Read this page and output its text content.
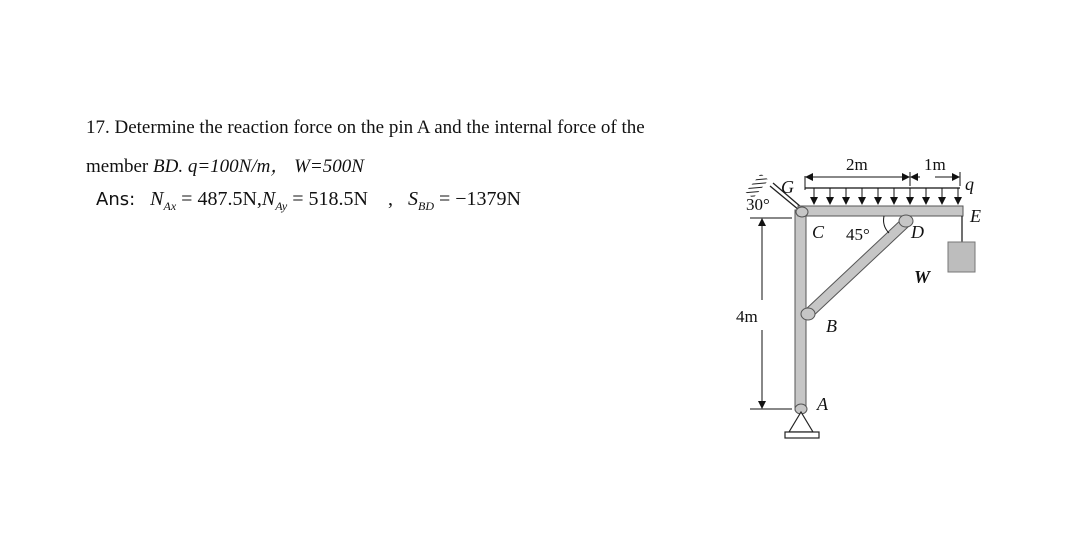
17. Determine the reaction force on the pin A and the internal force of the
member BD. q=100N/m， W=500N
Ans: $N_{Ax} = 487.5N,N_{Ay} = 518.5N$ , $S_{BD} = -1379N$
G
30°
2m	1m
q
E
C 45° D
W
4m	B
A
